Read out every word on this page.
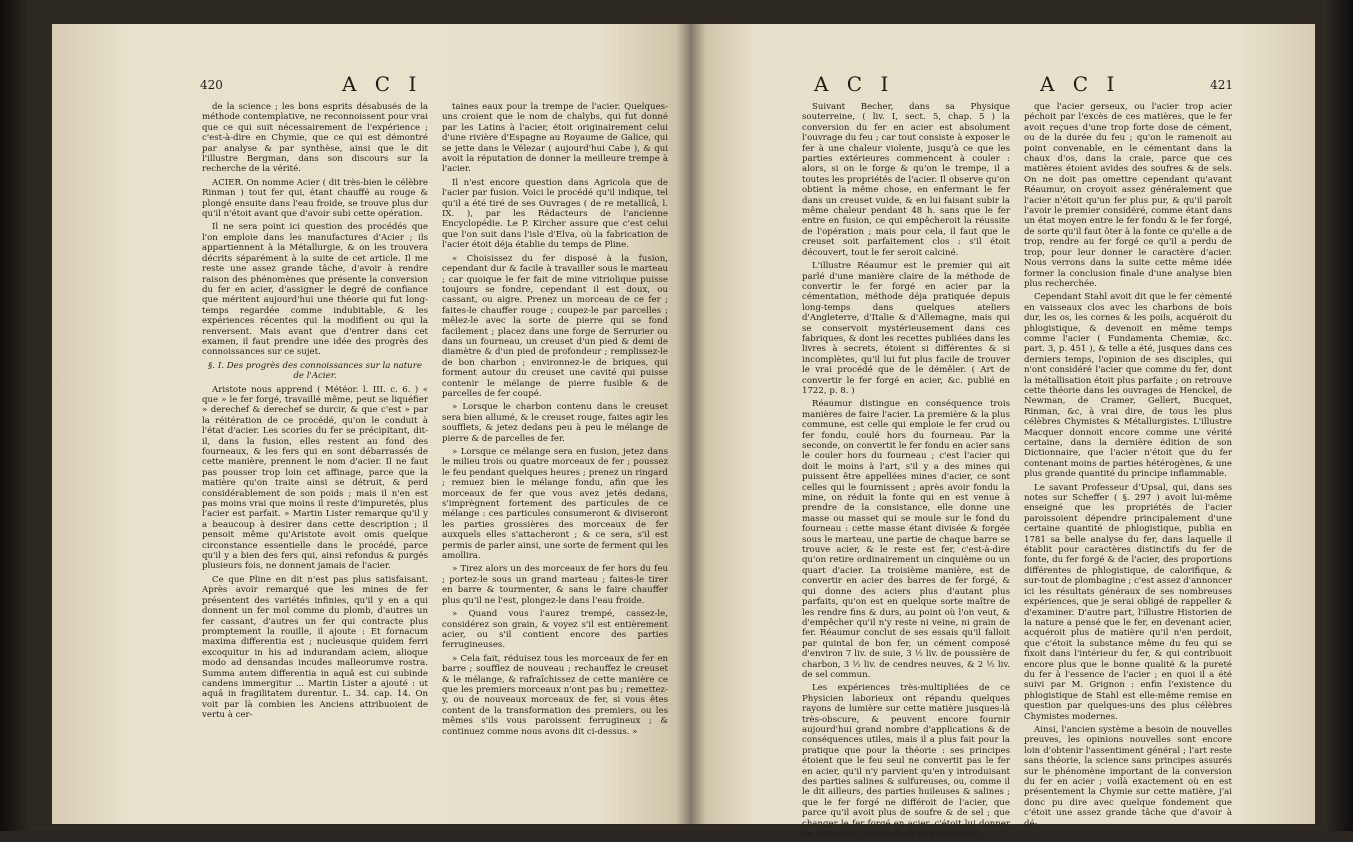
420	A C I

de la science ; les bons esprits désabusés de la méthode contemplative, ne reconnoissent pour vrai que ce qui suit nécessairement de l'expérience ; c'est-à-dire en Chymie, que ce qui est démontré par analyse & par synthèse, ainsi que le dit l'illustre Bergman, dans son discours sur la recherche de la vérité.

ACIER. On nomme Acier ( dit très-bien le célèbre Rinman ) tout fer qui, étant chauffé au rouge & plongé ensuite dans l'eau froide, se trouve plus dur qu'il n'étoit avant que d'avoir subi cette opération.

Il ne sera point ici question des procédés que l'on emploie dans les manufactures d'Acier ; ils appartiennent à la Métallurgie, & on les trouvera décrits séparément à la suite de cet article. Il me reste une assez grande tâche, d'avoir à rendre raison des phénomènes que présente la conversion du fer en acier, d'assigner le degré de confiance que méritent aujourd'hui une théorie qui fut long-temps regardée comme indubitable, & les expériences récentes qui la modifient ou qui la renversent. Mais avant que d'entrer dans cet examen, il faut prendre une idée des progrès des connoissances sur ce sujet.

§. I. Des progrès des connoissances sur la nature de l'Acier.

Aristote nous apprend ( Météor. l. III. c. 6. ) « que » le fer forgé, travaillé même, peut se liquéfier » derechef & derechef se durcir, & que c'est » par la réitération de ce procédé, qu'on le conduit à l'état d'acier. Les scories du fer se précipitant, dit-il, dans la fusion, elles restent au fond des fourneaux, & les fers qui en sont débarrassés de cette manière, prennent le nom d'acier. Il ne faut pas pousser trop loin cet affinage, parce que la matière qu'on traite ainsi se détruit, & perd considérablement de son poids ; mais il n'en est pas moins vrai que moins il reste d'impuretés, plus l'acier est parfait. » Martin Lister remarque qu'il y a beaucoup à desirer dans cette description ; il pensoit même qu'Aristote avoit omis quelque circonstance essentielle dans le procédé, parce qu'il y a bien des fers qui, ainsi refondus & purgés plusieurs fois, ne donnent jamais de l'acier.

Ce que Pline en dit n'est pas plus satisfaisant. Après avoir remarqué que les mines de fer présentent des variétés infinies, qu'il y en a qui donnent un fer mol comme du plomb, d'autres un fer cassant, d'autres un fer qui contracte plus promptement la rouille, il ajoute : Et fornacum maxima differentia est ; nucleusque quidem ferri excoquitur in his ad indurandam aciem, alioque modo ad densandas incudes malleorumve rostra. Summa autem differentia in aquâ est cui subinde candens immergitur ... Martin Lister a ajouté : ut aquâ in fragilitatem durentur. L. 34. cap. 14. On voit par là combien les Anciens attribuoient de vertu à cer-

taines eaux pour la trempe de l'acier. Quelques-uns croient que le nom de chalybs, qui fut donné par les Latins à l'acier, étoit originairement celui d'une rivière d'Espagne au Royaume de Galice, qui se jette dans le Vélezar ( aujourd'hui Cabe ), & qui avoit la réputation de donner la meilleure trempe à l'acier.

Il n'est encore question dans Agricola que de l'acier par fusion. Voici le procédé qu'il indique, tel qu'il a été tiré de ses Ouvrages ( de re metallicâ, l. IX. ), par les Rédacteurs de l'ancienne Encyclopédie. Le P. Kircher assure que c'est celui que l'on suit dans l'isle d'Elva, où la fabrication de l'acier étoit déja établie du temps de Pline.

« Choisissez du fer disposé à la fusion, cependant dur & facile à travailler sous le marteau ; car quoique le fer fait de mine vitriolique puisse toujours se fondre, cependant il est doux, ou cassant, ou aigre. Prenez un morceau de ce fer ; faites-le chauffer rouge ; coupez-le par parcelles ; mêlez-le avec la sorte de pierre qui se fond facilement ; placez dans une forge de Serrurier ou dans un fourneau, un creuset d'un pied & demi de diamètre & d'un pied de profondeur ; remplissez-le de bon charbon ; environnez-le de briques, qui forment autour du creuset une cavité qui puisse contenir le mélange de pierre fusible & de parcelles de fer coupé.

» Lorsque le charbon contenu dans le creuset sera bien allumé, & le creuset rouge, faites agir les soufflets, & jetez dedans peu à peu le mélange de pierre & de parcelles de fer.

» Lorsque ce mélange sera en fusion, jetez dans le milieu trois ou quatre morceaux de fer ; poussez le feu pendant quelques heures ; prenez un ringard ; remuez bien le mélange fondu, afin que les morceaux de fer que vous avez jetés dedans, s'imprègnent fortement des particules de ce mélange : ces particules consumeront & diviseront les parties grossières des morceaux de fer auxquels elles s'attacheront ; & ce sera, s'il est permis de parler ainsi, une sorte de ferment qui les amollira.

» Tirez alors un des morceaux de fer hors du feu ; portez-le sous un grand marteau ; faites-le tirer en barre & tourmenter, & sans le faire chauffer plus qu'il ne l'est, plongez-le dans l'eau froide.

» Quand vous l'aurez trempé, cassez-le, considérez son grain, & voyez s'il est entièrement acier, ou s'il contient encore des parties ferrugineuses.

» Cela fait, réduisez tous les morceaux de fer en barre ; soufflez de nouveau ; rechauffez le creuset & le mélange, & rafraîchissez de cette manière ce que les premiers morceaux n'ont pas bu ; remettez-y, ou de nouveaux morceaux de fer, si vous êtes content de la transformation des premiers, ou les mêmes s'ils vous paroissent ferrugineux ; & continuez comme nous avons dit ci-dessus. »

A C I	A C I	421

Suivant Becher, dans sa Physique souterreine, ( liv. I, sect. 5, chap. 5 ) la conversion du fer en acier est absolument l'ouvrage du feu ; car tout consiste à exposer le fer à une chaleur violente, jusqu'à ce que les parties extérieures commencent à couler : alors, si on le forge & qu'on le trempe, il a toutes les propriétés de l'acier. Il observe qu'on obtient la même chose, en enfermant le fer dans un creuset vuide, & en lui faisant subir la même chaleur pendant 48 h. sans que le fer entre en fusion, ce qui empêcheroit la réussite de l'opération ; mais pour cela, il faut que le creuset soit parfaitement clos : s'il étoit découvert, tout le fer seroit calciné.

L'illustre Réaumur est le premier qui ait parlé d'une manière claire de la méthode de convertir le fer forgé en acier par la cémentation, méthode déja pratiquée depuis long-temps dans quelques ateliers d'Angleterre, d'Italie & d'Allemagne, mais qui se conservoit mystérieusement dans ces fabriques, & dont les recettes publiées dans les livres à secrets, étoient si différentes & si incomplètes, qu'il lui fut plus facile de trouver le vrai procédé que de le démêler. ( Art de convertir le fer forgé en acier, &c. publié en 1722, p. 8. )

Réaumur distingue en conséquence trois manières de faire l'acier. La première & la plus commune, est celle qui emploie le fer crud ou fer fondu, coulé hors du fourneau. Par la seconde, on convertit le fer fondu en acier sans le couler hors du fourneau ; c'est l'acier qui doit le moins à l'art, s'il y a des mines qui puissent être appellées mines d'acier, ce sont celles qui le fournissent ; après avoir fondu la mine, on réduit la fonte qui en est venue à prendre de la consistance, elle donne une masse ou masset qui se moule sur le fond du fourneau : cette masse étant divisée & forgée sous le marteau, une partie de chaque barre se trouve acier, & le reste est fer, c'est-à-dire qu'on retire ordinairement un cinquième ou un quart d'acier. La troisième manière, est de convertir en acier des barres de fer forgé, & qui donne des aciers plus d'autant plus parfaits, qu'on est en quelque sorte maître de les rendre fins & durs, au point où l'on veut, & d'empêcher qu'il n'y reste ni veine, ni grain de fer. Réaumur conclut de ses essais qu'il falloit par quintal de bon fer, un cément composé d'environ 7 liv. de suie, 3 ½ liv. de poussière de charbon, 3 ½ liv. de cendres neuves, & 2 ½ liv. de sel commun.

Les expériences très-multipliées de ce Physicien laborieux ont répandu quelques rayons de lumière sur cette matière jusques-là très-obscure, & peuvent encore fournir aujourd'hui grand nombre d'applications & de conséquences utiles, mais il a plus fait pour la pratique que pour la théorie : ses principes étoient que le feu seul ne convertit pas le fer en acier, qu'il n'y parvient qu'en y introduisant des parties salines & sulfureuses, ou, comme il le dit ailleurs, des parties huileuses & salines ; que le fer forgé ne différoit de l'acier, que parce qu'il avoit plus de soufre & de sel ; que changer le fer forgé en acier, c'étoit lui donner de nouveaux soufres & de nouveaux sels ;

que l'acier gerseux, ou l'acier trop acier péchoit par l'excès de ces matières, que le fer avoit reçues d'une trop forte dose de cément, ou de la durée du feu ; qu'on le ramenoit au point convenable, en le cémentant dans la chaux d'os, dans la craie, parce que ces matières étoient avides des soufres & de sels. On ne doit pas omettre cependant qu'avant Réaumur, on croyoit assez généralement que l'acier n'étoit qu'un fer plus pur, & qu'il paroît l'avoir le premier considéré, comme étant dans un état moyen entre le fer fondu & le fer forgé, de sorte qu'il faut ôter à la fonte ce qu'elle a de trop, rendre au fer forgé ce qu'il a perdu de trop, pour leur donner le caractère d'acier. Nous verrons dans la suite cette même idée former la conclusion finale d'une analyse bien plus recherchée.

Cependant Stahl avoit dit que le fer cémenté en vaisseaux clos avec les charbons de bois dur, les os, les cornes & les poils, acquéroit du phlogistique, & devenoit en même temps comme l'acier ( Fundamenta Chemiæ, &c. part. 3, p. 451 ), & telle a été, jusques dans ces derniers temps, l'opinion de ses disciples, qui n'ont considéré l'acier que comme du fer, dont la métallisation étoit plus parfaite ; on retrouve cette théorie dans les ouvrages de Henckel, de Newman, de Cramer, Gellert, Bucquet, Rinman, &c, à vrai dire, de tous les plus célèbres Chymistes & Métallurgistes. L'illustre Macquer donnoit encore comme une vérité certaine, dans la dernière édition de son Dictionnaire, que l'acier n'étoit que du fer contenant moins de parties hétérogènes, & une plus grande quantité du principe inflammable.

Le savant Professeur d'Upsal, qui, dans ses notes sur Scheffer ( §. 297 ) avoit lui-même enseigné que les propriétés de l'acier paroissoient dépendre principalement d'une certaine quantité de phlogistique, publia en 1781 sa belle analyse du fer, dans laquelle il établit pour caractères distinctifs du fer de fonte, du fer forgé & de l'acier, des proportions différentes de phlogistique, de calorifique, & sur-tout de plombagine ; c'est assez d'annoncer ici les résultats généraux de ses nombreuses expériences, que je serai obligé de rappeller & d'examiner. D'autre part, l'illustre Historien de la nature a pensé que le fer, en devenant acier, acquéroit plus de matière qu'il n'en perdoit, que c'étoit la substance même du feu qui se fixoit dans l'intérieur du fer, & qui contribuoit encore plus que le bonne qualité & la pureté du fer à l'essence de l'acier ; en quoi il a été suivi par M. Grignon : enfin l'existence du phlogistique de Stahl est elle-même remise en question par quelques-uns des plus célèbres Chymistes modernes.

Ainsi, l'ancien système a besoin de nouvelles preuves, les opinions nouvelles sont encore loin d'obtenir l'assentiment général ; l'art reste sans théorie, la science sans principes assurés sur le phénomène important de la conversion du fer en acier ; voilà exactement où en est présentement la Chymie sur cette matière, j'ai donc pu dire avec quelque fondement que c'étoit une assez grande tâche que d'avoir à dé-
